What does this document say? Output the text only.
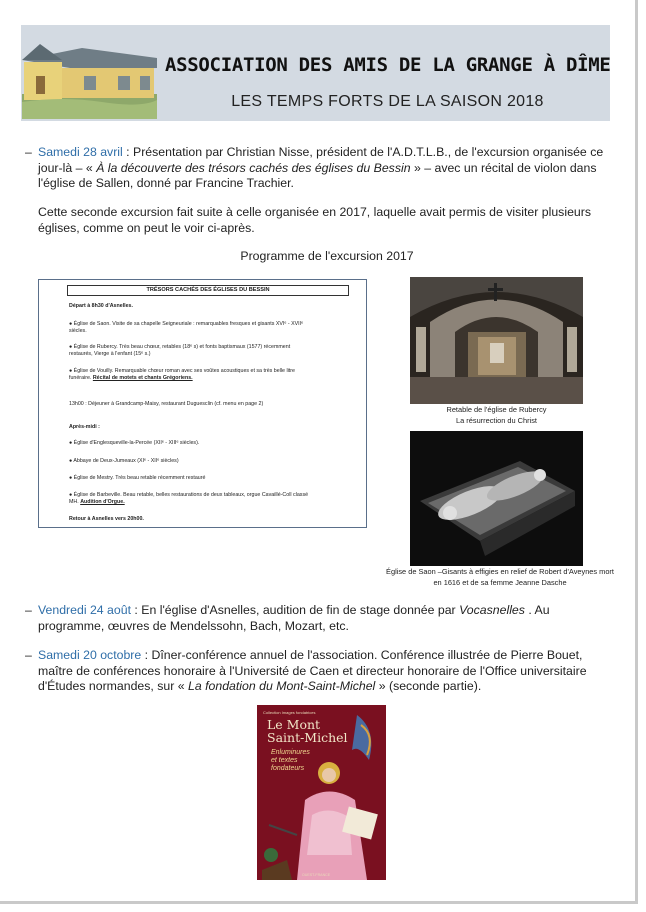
ASSOCIATION DES AMIS DE LA GRANGE À DÎME
LES TEMPS FORTS DE LA SAISON 2018
– Samedi 28 avril : Présentation par Christian Nisse, président de l'A.D.T.L.B., de l'excursion organisée ce
jour-là – « À la découverte des trésors cachés des églises du Bessin » – avec un récital de violon dans
l'église de Sallen, donné par Francine Trachier.
Cette seconde excursion fait suite à celle organisée en 2017, laquelle avait permis de visiter plusieurs
églises, comme on peut le voir ci-après.
Programme de l'excursion 2017
TRÉSORS CACHÉS DES ÉGLISES DU BESSIN
Départ à 8h30 d'Asnelles.
● Église de Saon. Visite de sa chapelle Seigneuriale : remarquables fresques et gisants XVIᵉ - XVIIᵉ
siècles.
● Église de Rubercy. Très beau chœur, retables (18ᵉ s) et fonts baptismaux (1577) récemment
restaurés, Vierge à l'enfant (15ᵉ s.)
● Église de Vouilly. Remarquable chœur roman avec ses voûtes acoustiques et sa très belle litre
funéraire. Récital de motets et chants Grégoriens.
13h00 : Déjeuner à Grandcamp-Maisy, restaurant Duguesclin (cf. menu en page 2)
Après-midi :
● Église d'Englesqueville-la-Percée (XIIᵉ - XIIIᵉ siècles).
● Abbaye de Deux-Jumeaux (XIᵉ - XIIᵉ siècles)
● Église de Mestry. Très beau retable récemment restauré
● Église de Barbeville. Beau retable, belles restaurations de deux tableaux, orgue Cavaillé-Coll classé
MH. Audition d'Orgue.
Retour à Asnelles vers 20h00.
Retable de l'église de Rubercy
La résurrection du Christ
Église de Saon –Gisants à effigies en relief de Robert d'Aveynes mort
en 1616 et de sa femme Jeanne Dasche
– Vendredi 24 août : En l'église d'Asnelles, audition de fin de stage donnée par Vocasnelles . Au
programme, œuvres de Mendelssohn, Bach, Mozart, etc.
– Samedi 20 octobre : Dîner-conférence annuel de l'association. Conférence illustrée de Pierre Bouet,
maître de conférences honoraire à l'Université de Caen et directeur honoraire de l'Office universitaire
d'Études normandes, sur « La fondation du Mont-Saint-Michel » (seconde partie).
Collection Images fondatrices
Le Mont
Saint-Michel
Enluminures
et textes
fondateurs
OUEST-FRANCE
